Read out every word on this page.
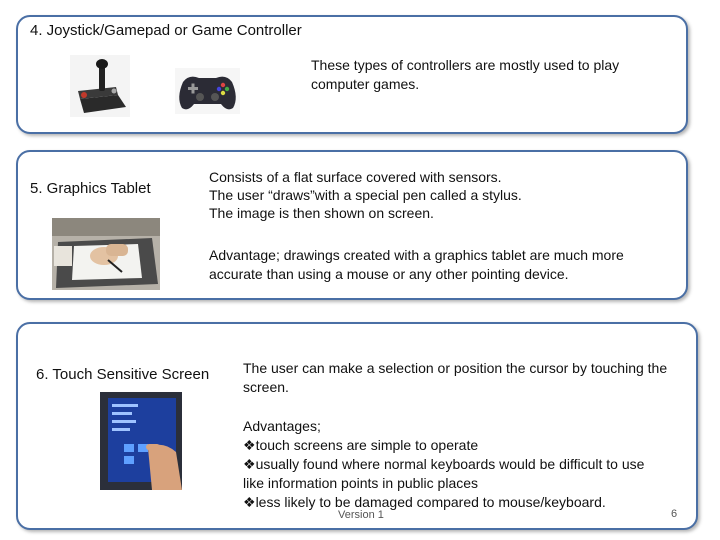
4. Joystick/Gamepad or Game Controller
These types of controllers are mostly used to play
computer games.
5. Graphics Tablet
Consists of a flat surface covered with sensors.
The user “draws”with a special pen called a stylus.
The image is then shown on screen.
Advantage; drawings created with a graphics tablet are much more
accurate than using a mouse or any other pointing device.
6. Touch Sensitive Screen The user can make a selection or position the cursor by touching the
screen.
Advantages;
❖touch screens are simple to operate
❖usually found where normal keyboards would be difficult to use
like information points in public places
❖less likely to be damaged compared to mouse/keyboard.
Version 1	6
